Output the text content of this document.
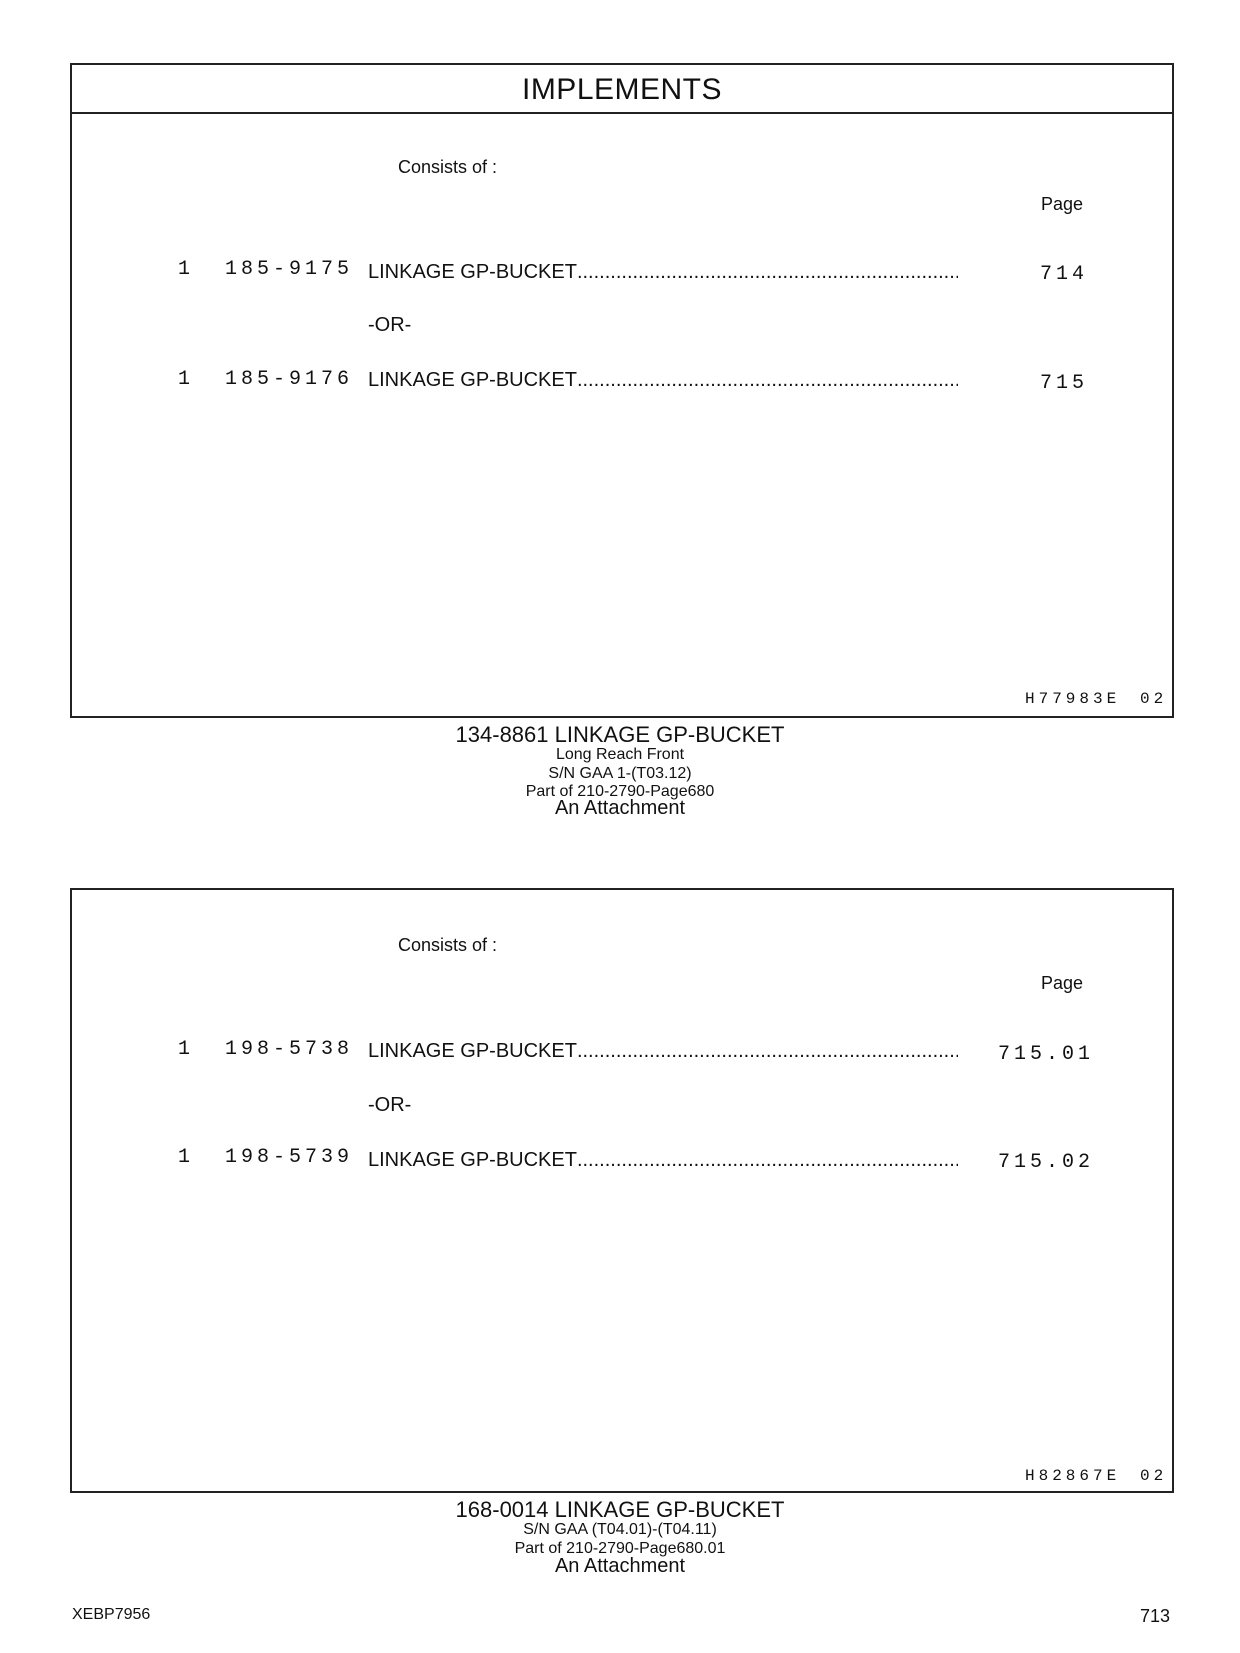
IMPLEMENTS
Consists of :
Page
1 185-9175 LINKAGE GP-BUCKET .....	714
-OR-
1 185-9176 LINKAGE GP-BUCKET .....	715
H77983E 02
134-8861 LINKAGE GP-BUCKET
Long Reach Front
S/N GAA 1-(T03.12)
Part of 210-2790-Page680
An Attachment
Consists of :
Page
1 198-5738 LINKAGE GP-BUCKET .....	715.01
-OR-
1 198-5739 LINKAGE GP-BUCKET .....	715.02
H82867E 02
168-0014 LINKAGE GP-BUCKET
S/N GAA (T04.01)-(T04.11)
Part of 210-2790-Page680.01
An Attachment
XEBP7956	713
